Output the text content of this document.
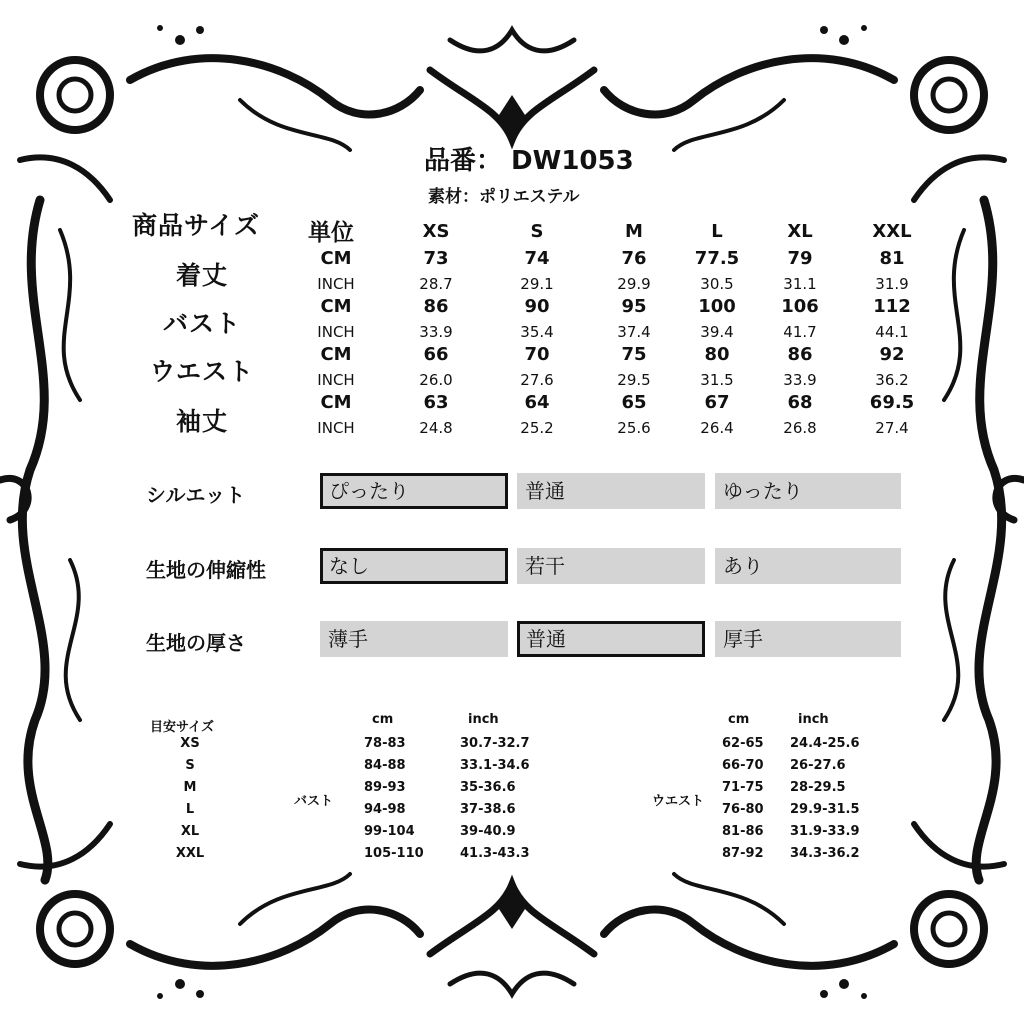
品番： DW1053
素材：ポリエステル
商品サイズ 単位	XS	S	M	L	XL	XXL
着丈
CM	73	74	76	77.5	79	81
INCH	28.7	29.1	29.9	30.5	31.1	31.9
バスト
CM	86	90	95	100	106	112
INCH	33.9	35.4	37.4	39.4	41.7	44.1
ウエスト
CM	66	70	75	80	86	92
INCH	26.0	27.6	29.5	31.5	33.9	36.2
袖丈
CM	63	64	65	67	68	69.5
INCH	24.8	25.2	25.6	26.4	26.8	27.4
シルエット	ぴったり	普通	ゆったり
生地の伸縮性	なし	若干	あり
生地の厚さ	薄手	普通	厚手
目安サイズ
バスト
cm	inch
ウエスト
cm	inch
XS	78-83	30.7-32.7	62-65 24.4-25.6
S	84-88	33.1-34.6	66-70 26-27.6
M	89-93	35-36.6	71-75 28-29.5
L	94-98	37-38.6	76-80 29.9-31.5
XL	99-104	39-40.9	81-86 31.9-33.9
XXL	105-110	41.3-43.3	87-92 34.3-36.2
